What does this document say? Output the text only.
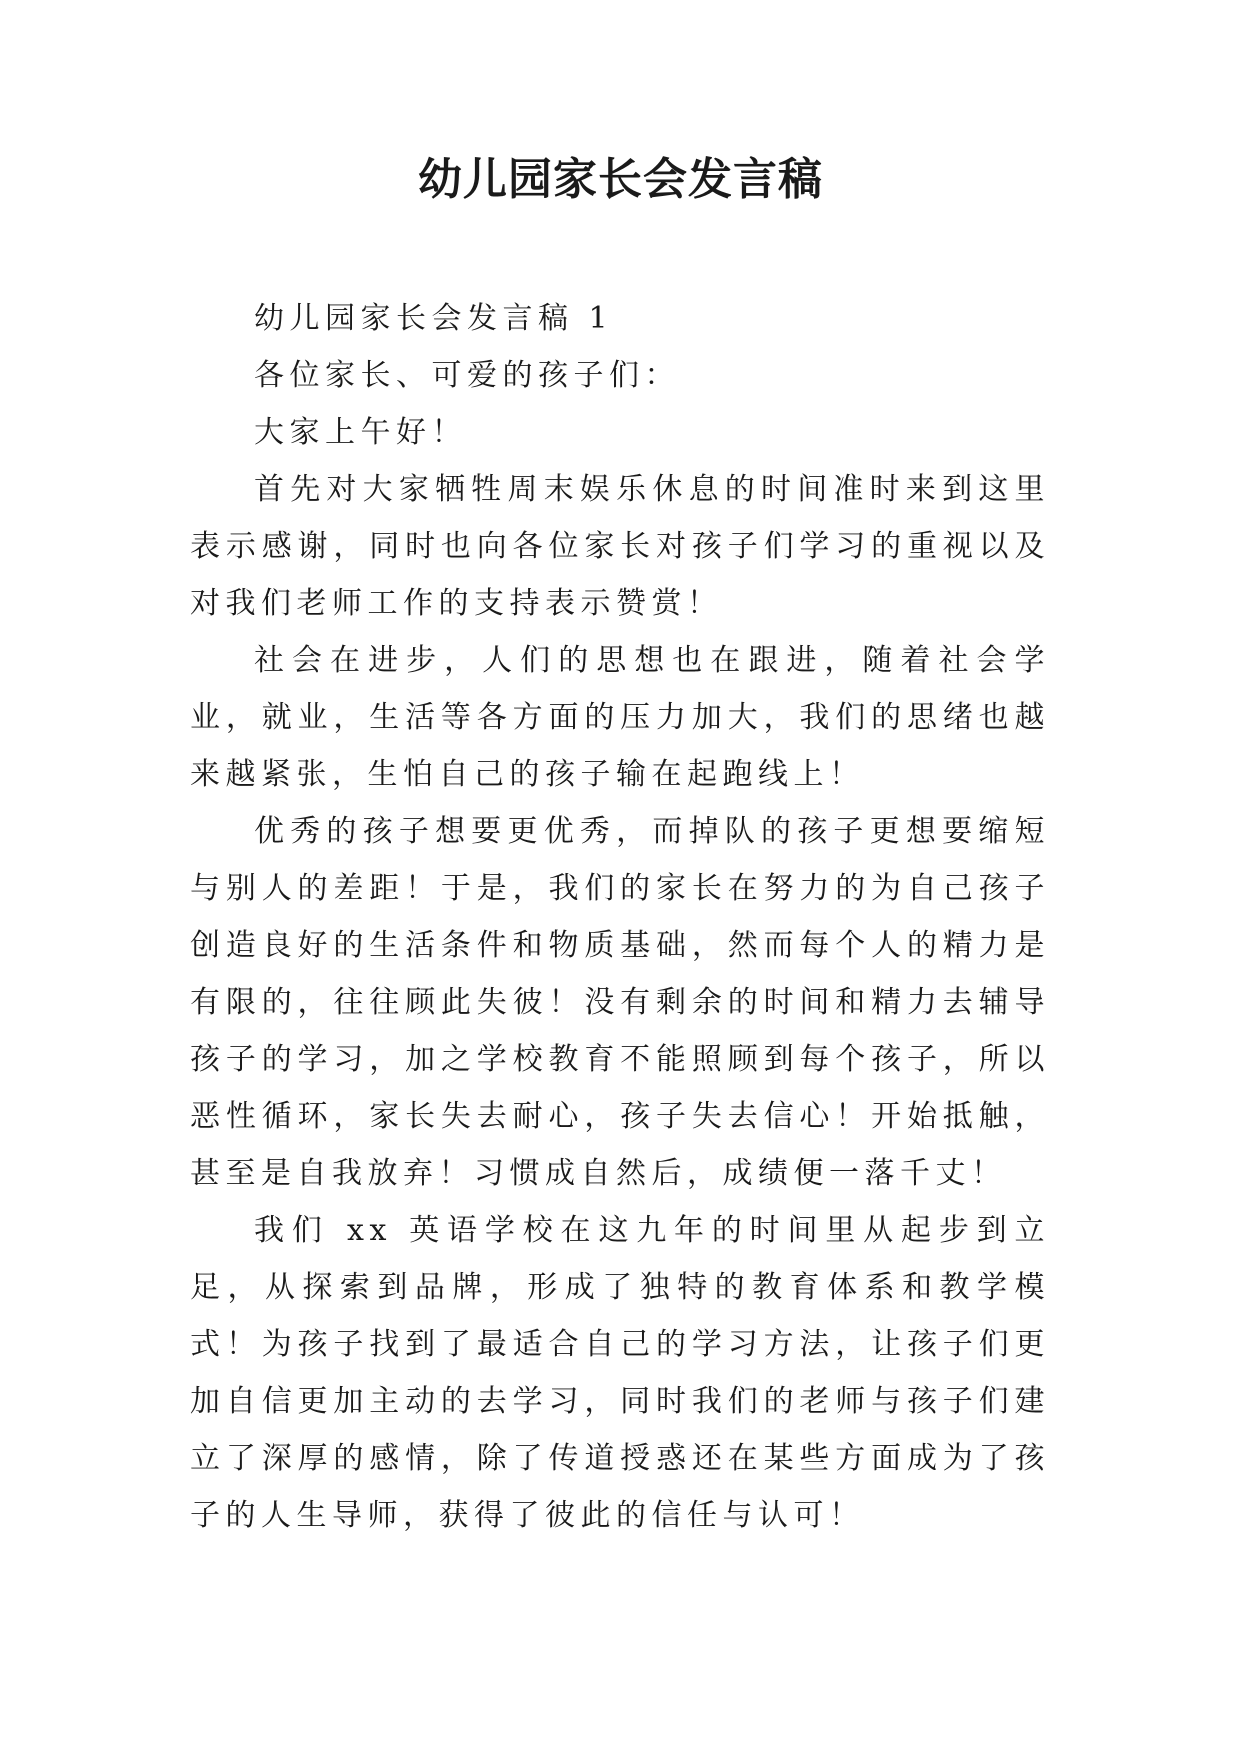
幼儿园家长会发言稿

幼儿园家长会发言稿 1

各位家长、可爱的孩子们：

大家上午好！

首先对大家牺牲周末娱乐休息的时间准时来到这里表示感谢，同时也向各位家长对孩子们学习的重视以及对我们老师工作的支持表示赞赏！

社会在进步，人们的思想也在跟进，随着社会学业，就业，生活等各方面的压力加大，我们的思绪也越来越紧张，生怕自己的孩子输在起跑线上！

优秀的孩子想要更优秀，而掉队的孩子更想要缩短与别人的差距！于是，我们的家长在努力的为自己孩子创造良好的生活条件和物质基础，然而每个人的精力是有限的，往往顾此失彼！没有剩余的时间和精力去辅导孩子的学习，加之学校教育不能照顾到每个孩子，所以恶性循环，家长失去耐心，孩子失去信心！开始抵触，甚至是自我放弃！习惯成自然后，成绩便一落千丈！

我们 xx 英语学校在这九年的时间里从起步到立足，从探索到品牌，形成了独特的教育体系和教学模式！为孩子找到了最适合自己的学习方法，让孩子们更加自信更加主动的去学习，同时我们的老师与孩子们建立了深厚的感情，除了传道授惑还在某些方面成为了孩子的人生导师，获得了彼此的信任与认可！
